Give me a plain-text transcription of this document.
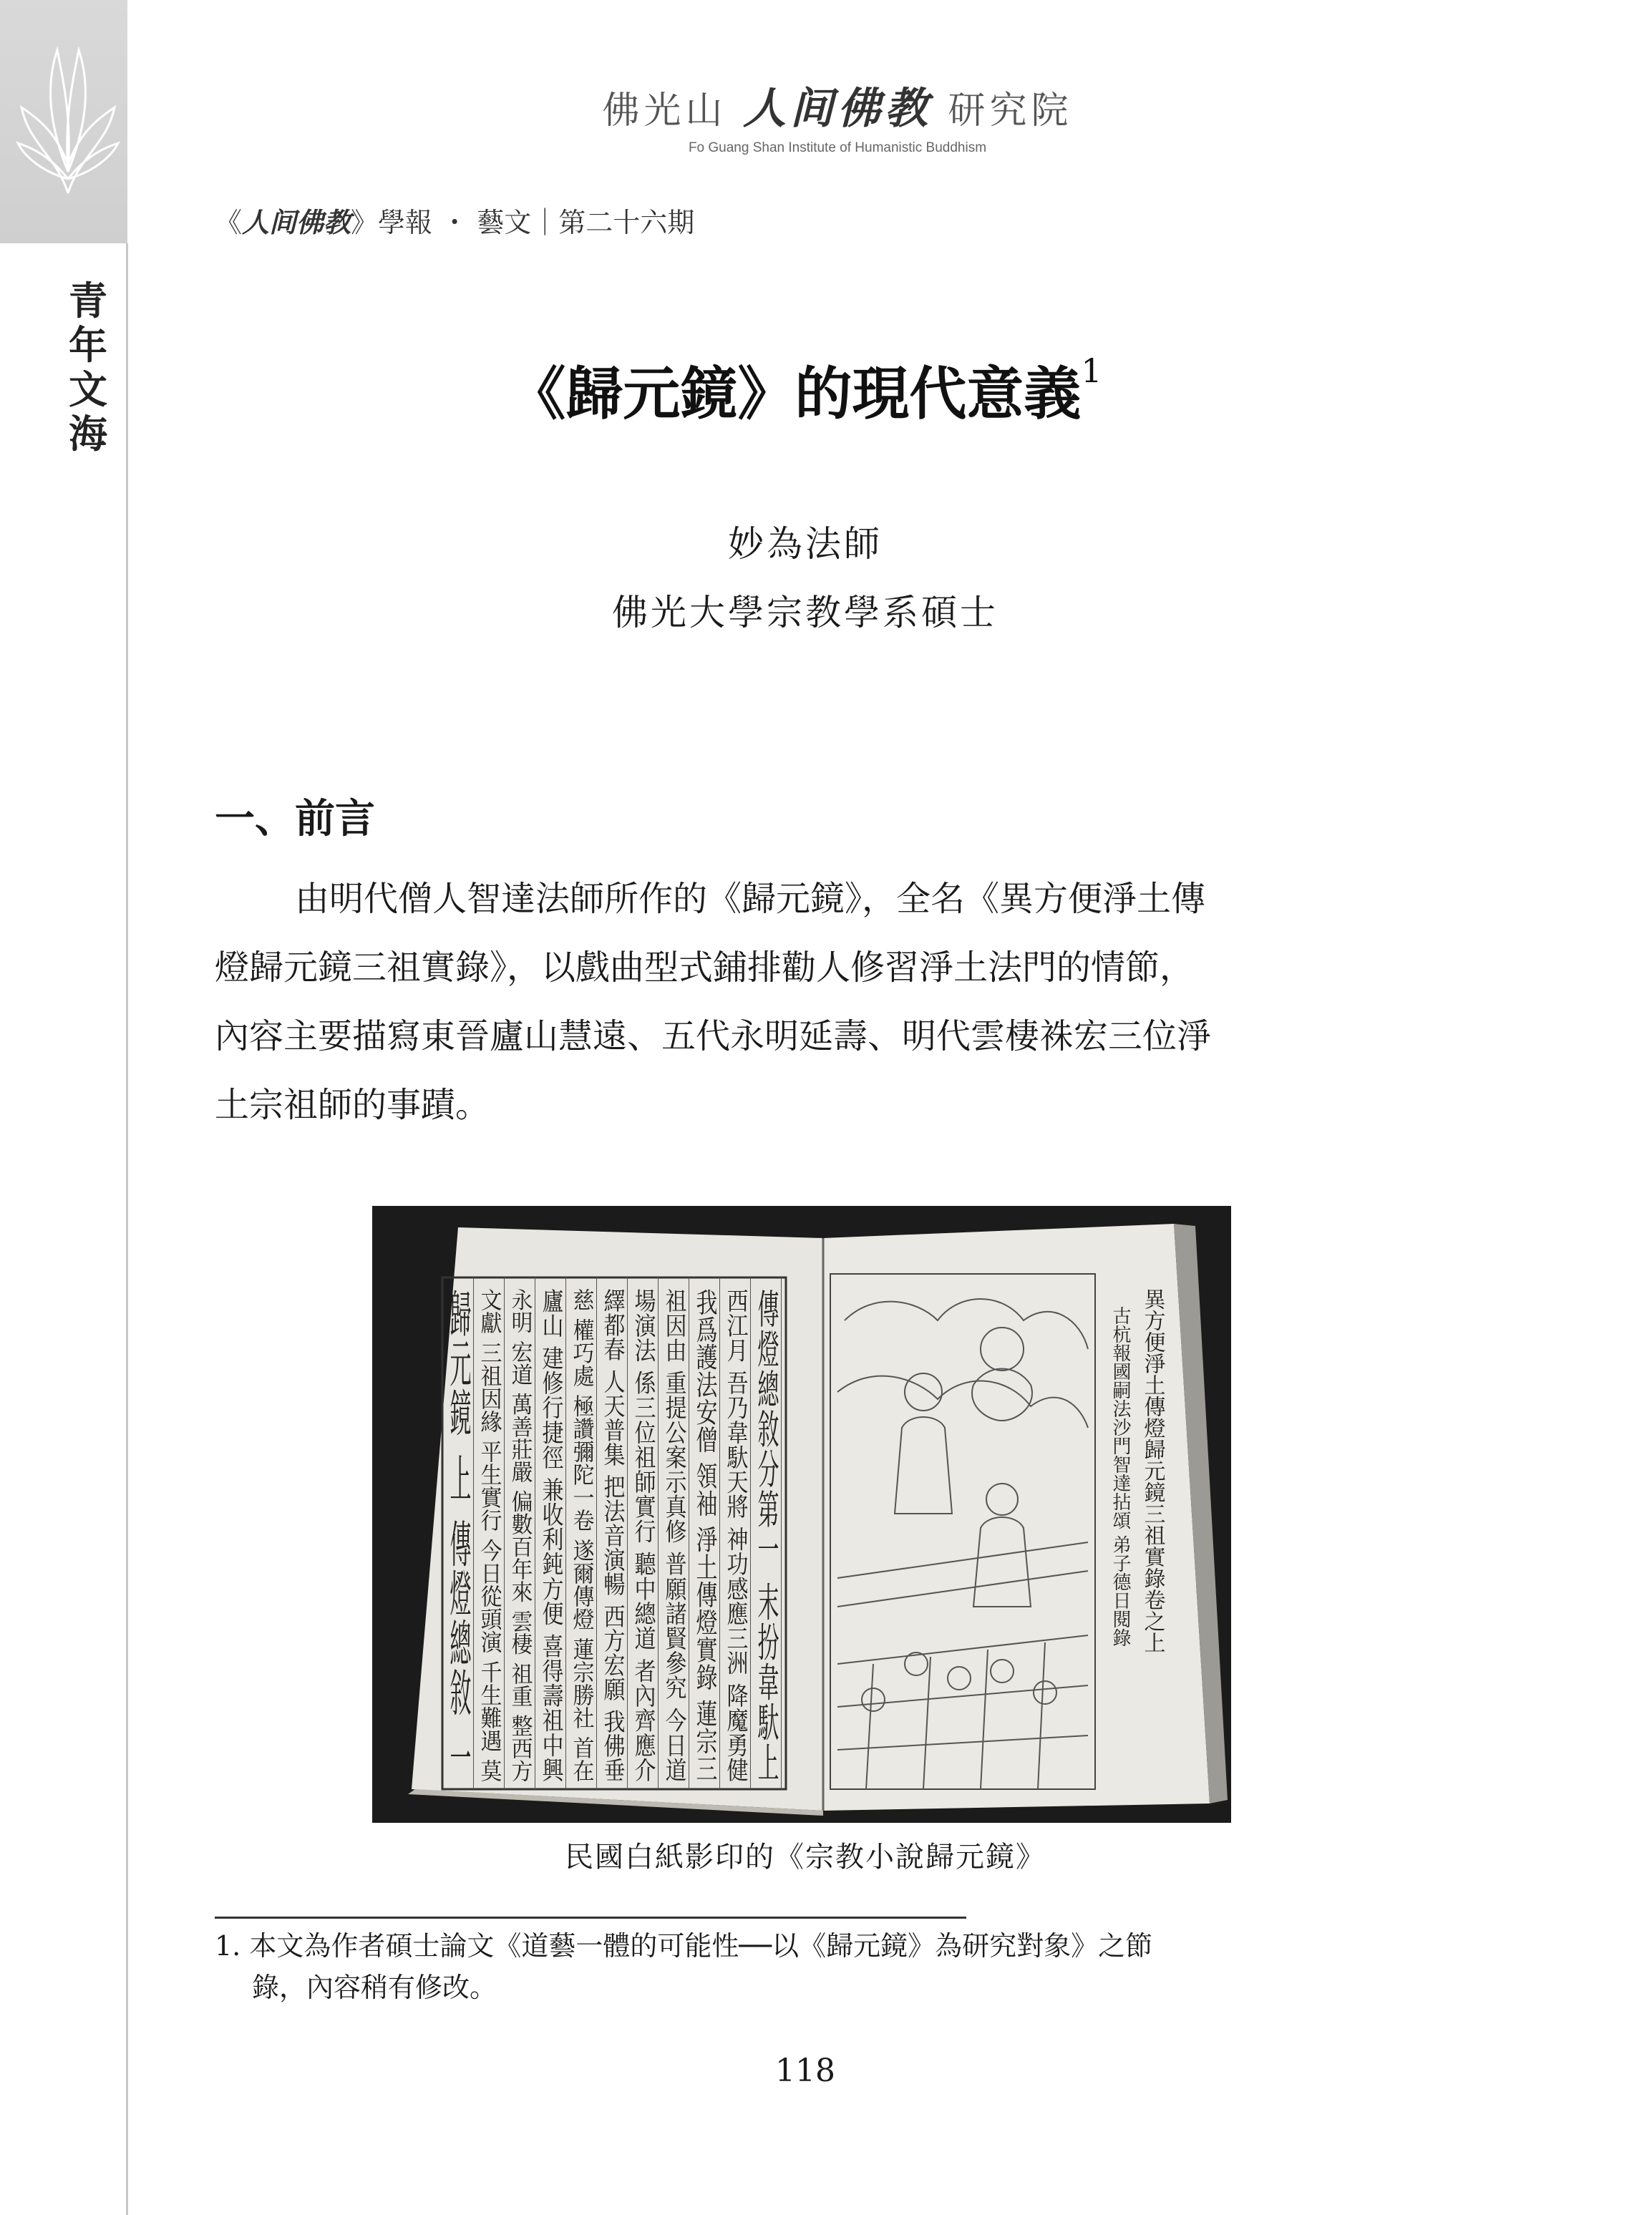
青
年
文
海
佛光山 人间佛教 研究院
Fo Guang Shan Institute of Humanistic Buddhism
《人间佛教》學報 ・ 藝文｜第二十六期
《歸元鏡》的現代意義$^1$
妙為法師
佛光大學宗教學系碩士
一、前言
由明代僧人智達法師所作的《歸元鏡》，全名《異方便淨土傳
燈歸元鏡三祖實錄》，以戲曲型式鋪排勸人修習淨土法門的情節，
內容主要描寫東晉廬山慧遠、五代永明延壽、明代雲棲袾宏三位淨
土宗祖師的事蹟。
傳燈總敘分第一 末扮韋馱上
西江月 吾乃韋馱天將 神功感應三洲 降魔勇健
我爲護法安僧 領袖 淨土傳燈實錄 蓮宗三
祖因由 重提公案示真修 普願諸賢參究 今日道
場演法 係三位祖師實行 聽中總道 者內齊應介
繹都春 人天普集 把法音演暢 西方宏願 我佛垂
慈 權巧處 極讚彌陀一卷 遂爾傳燈 蓮宗勝社 首在
廬山 建修行捷徑 兼收利鈍方便 喜得壽祖中興
永明 宏道 萬善莊嚴 偏數百年來 雲棲 祖重 整西方
文獻 三祖因緣 平生實行 今日從頭演 千生難遇 莫
歸元鏡 上 傳燈總敘 一	異方便淨土傳燈歸元鏡三祖實錄卷之上
古杭報國嗣法沙門智達拈頌 弟子德日閱錄
民國白紙影印的《宗教小說歸元鏡》
1. 本文為作者碩士論文《道藝一體的可能性──以《歸元鏡》為研究對象》之節
錄，內容稍有修改。
118
